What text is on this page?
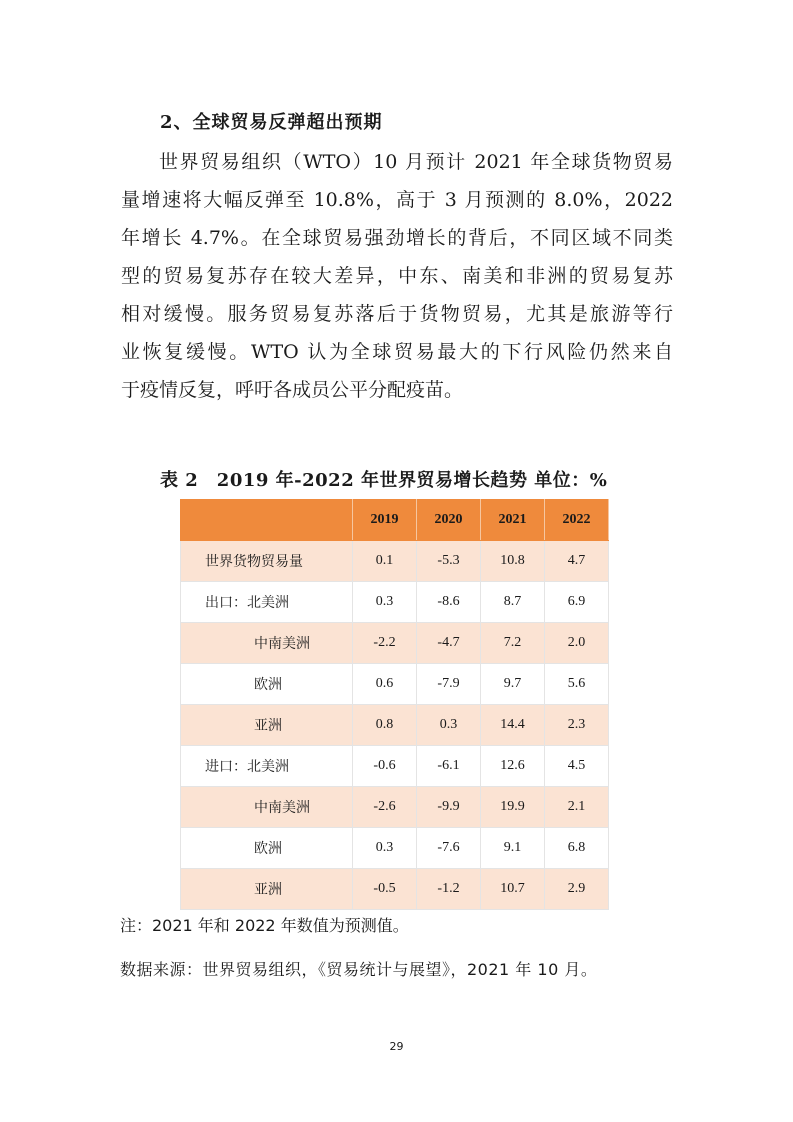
2、全球贸易反弹超出预期
世界贸易组织（WTO）10 月预计 2021 年全球货物贸易
量增速将大幅反弹至 10.8%，高于 3 月预测的 8.0%，2022
年增长 4.7%。在全球贸易强劲增长的背后，不同区域不同类
型的贸易复苏存在较大差异，中东、南美和非洲的贸易复苏
相对缓慢。服务贸易复苏落后于货物贸易，尤其是旅游等行
业恢复缓慢。WTO 认为全球贸易最大的下行风险仍然来自
于疫情反复，呼吁各成员公平分配疫苗。

表 2　2019 年-2022 年世界贸易增长趋势 单位：%

	2019	2020	2021	2022
世界货物贸易量	0.1	-5.3	10.8	4.7
出口：北美洲	0.3	-8.6	8.7	6.9
中南美洲	-2.2	-4.7	7.2	2.0
欧洲	0.6	-7.9	9.7	5.6
亚洲	0.8	0.3	14.4	2.3
进口：北美洲	-0.6	-6.1	12.6	4.5
中南美洲	-2.6	-9.9	19.9	2.1
欧洲	0.3	-7.6	9.1	6.8
亚洲	-0.5	-1.2	10.7	2.9

注：2021 年和 2022 年数值为预测值。

数据来源：世界贸易组织，《贸易统计与展望》，2021 年 10 月。

29
